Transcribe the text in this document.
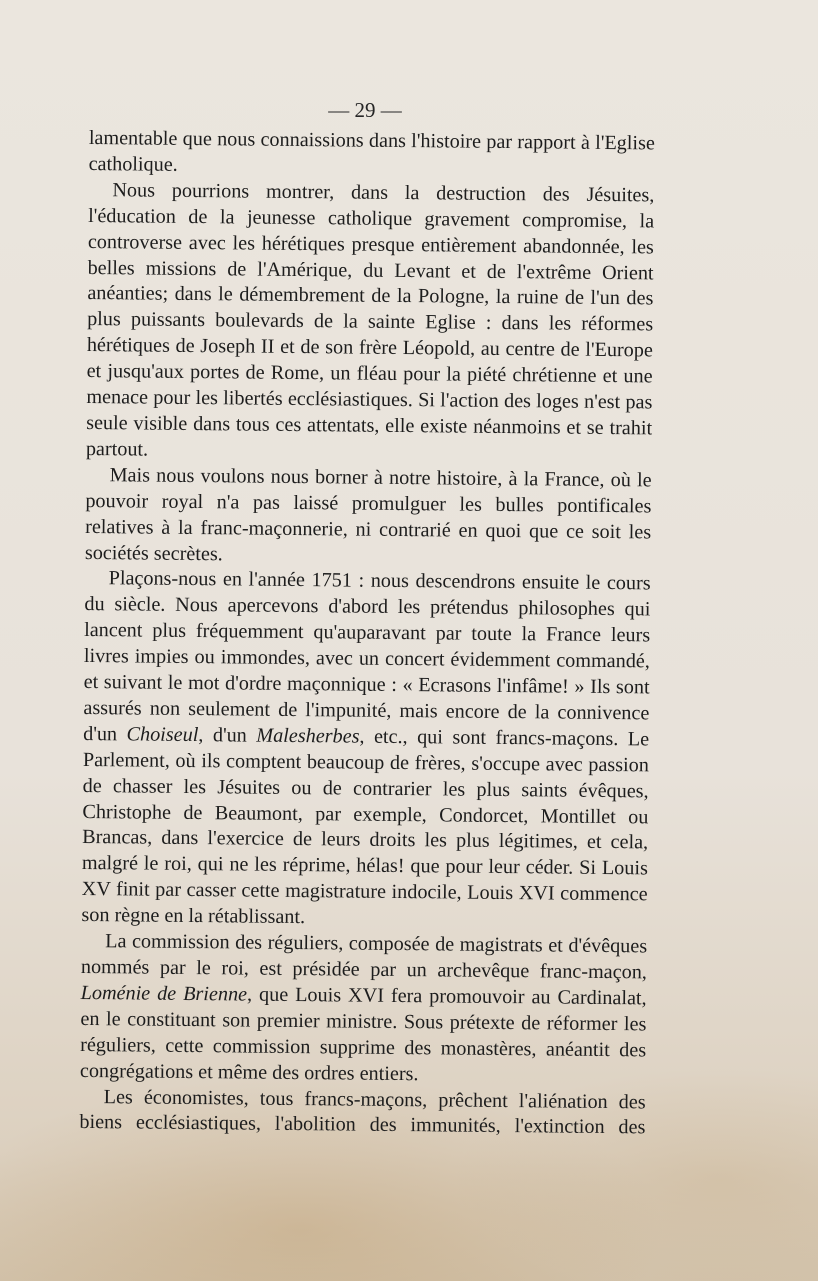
— 29 —

lamentable que nous connaissions dans l'histoire par rapport à l'Eglise catholique.

Nous pourrions montrer, dans la destruction des Jésuites, l'éducation de la jeunesse catholique gravement compromise, la controverse avec les hérétiques presque entièrement abandonnée, les belles missions de l'Amérique, du Levant et de l'extrême Orient anéanties; dans le démembrement de la Pologne, la ruine de l'un des plus puissants boulevards de la sainte Eglise : dans les réformes hérétiques de Joseph II et de son frère Léopold, au centre de l'Europe et jusqu'aux portes de Rome, un fléau pour la piété chrétienne et une menace pour les libertés ecclésiastiques. Si l'action des loges n'est pas seule visible dans tous ces attentats, elle existe néanmoins et se trahit partout.

Mais nous voulons nous borner à notre histoire, à la France, où le pouvoir royal n'a pas laissé promulguer les bulles pontificales relatives à la franc-maçonnerie, ni contrarié en quoi que ce soit les sociétés secrètes.

Plaçons-nous en l'année 1751 : nous descendrons ensuite le cours du siècle. Nous apercevons d'abord les prétendus philosophes qui lancent plus fréquemment qu'auparavant par toute la France leurs livres impies ou immondes, avec un concert évidemment commandé, et suivant le mot d'ordre maçonnique : « Ecrasons l'infâme! » Ils sont assurés non seulement de l'impunité, mais encore de la connivence d'un Choiseul, d'un Malesherbes, etc., qui sont francs-maçons. Le Parlement, où ils comptent beaucoup de frères, s'occupe avec passion de chasser les Jésuites ou de contrarier les plus saints évêques, Christophe de Beaumont, par exemple, Condorcet, Montillet ou Brancas, dans l'exercice de leurs droits les plus légitimes, et cela, malgré le roi, qui ne les réprime, hélas! que pour leur céder. Si Louis XV finit par casser cette magistrature indocile, Louis XVI commence son règne en la rétablissant.

La commission des réguliers, composée de magistrats et d'évêques nommés par le roi, est présidée par un archevêque franc-maçon, Loménie de Brienne, que Louis XVI fera promouvoir au Cardinalat, en le constituant son premier ministre. Sous prétexte de réformer les réguliers, cette commission supprime des monastères, anéantit des congrégations et même des ordres entiers.

Les économistes, tous francs-maçons, prêchent l'aliénation des biens ecclésiastiques, l'abolition des immunités, l'extinction des
